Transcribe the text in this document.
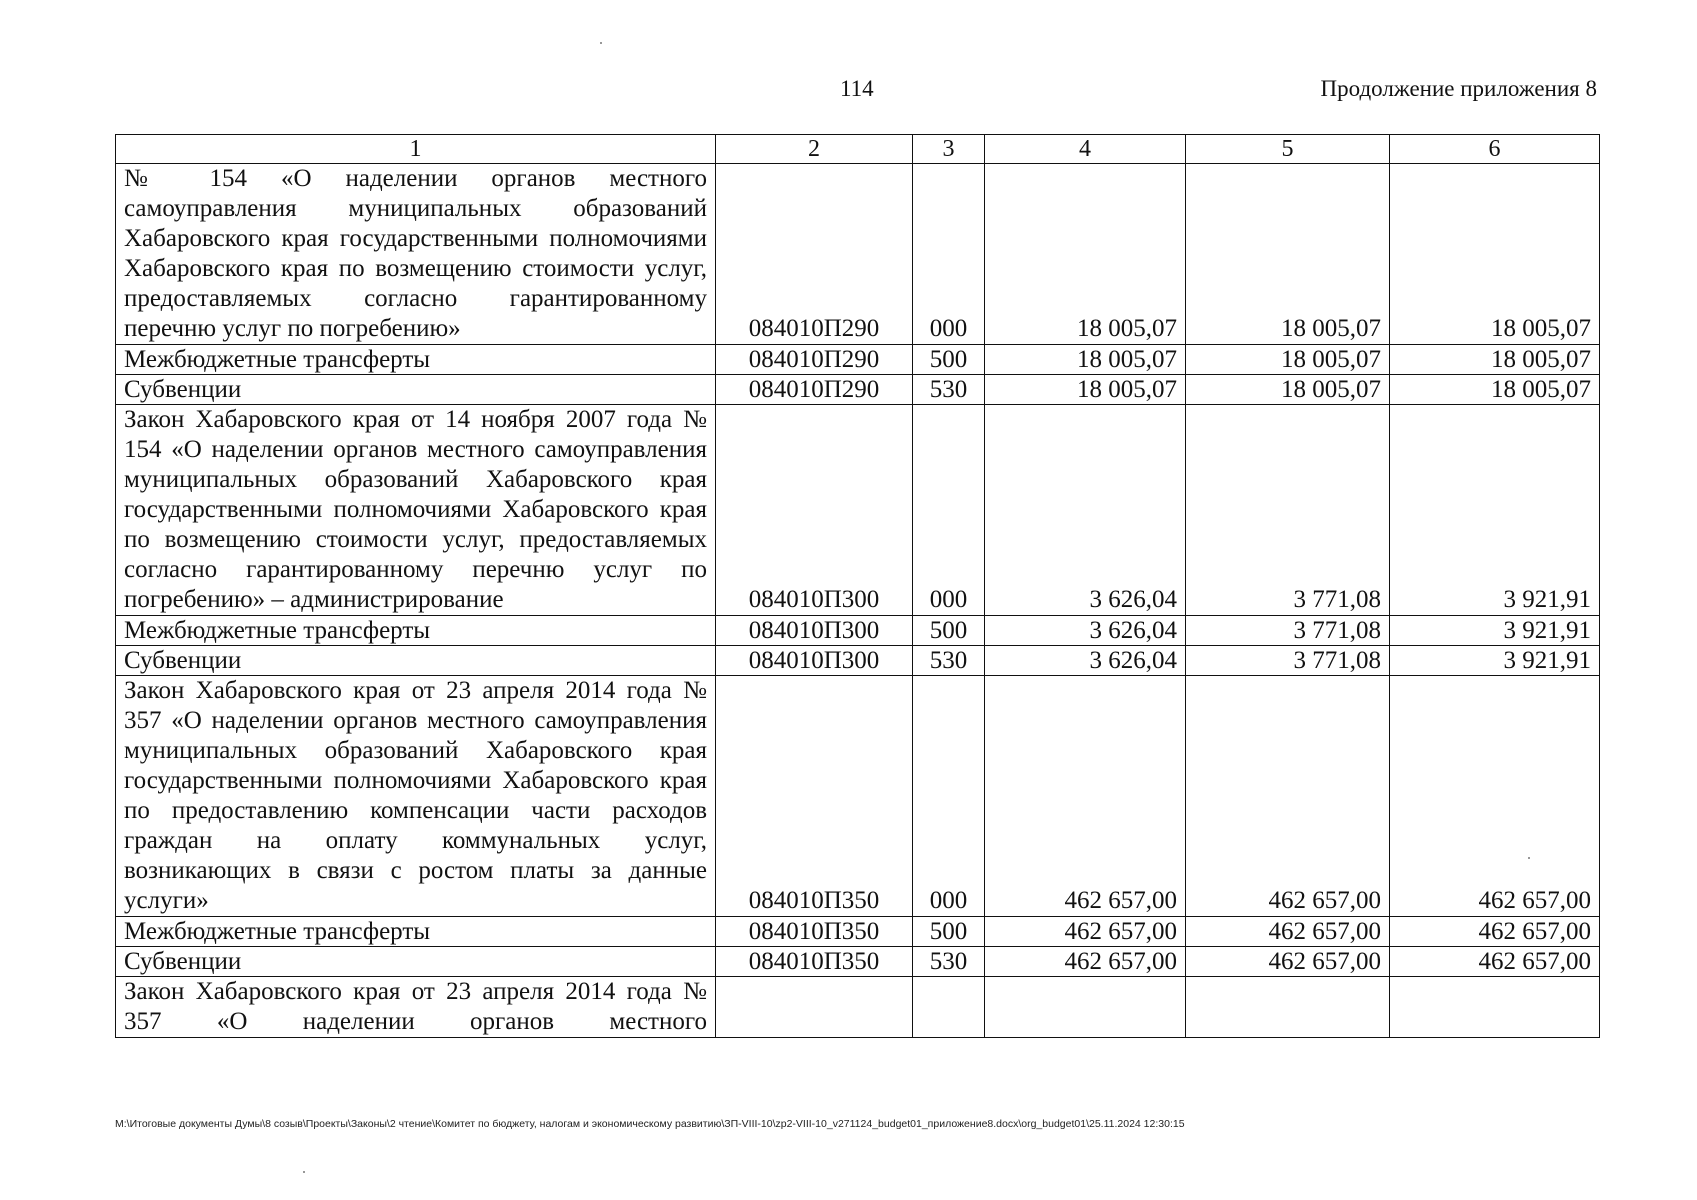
114	Продолжение приложения 8
1	2	3	4	5	6
№ 154 «О наделении органов местного самоуправления муниципальных образований Хабаровского края государственными полномочиями Хабаровского края по возмещению стоимости услуг, предоставляемых согласно гарантированному перечню услуг по погребению»	084010П290	000	18 005,07	18 005,07	18 005,07
Межбюджетные трансферты	084010П290	500	18 005,07	18 005,07	18 005,07
Субвенции	084010П290	530	18 005,07	18 005,07	18 005,07
Закон Хабаровского края от 14 ноября 2007 года № 154 «О наделении органов местного самоуправления муниципальных образований Хабаровского края государственными полномочиями Хабаровского края по возмещению стоимости услуг, предоставляемых согласно гарантированному перечню услуг по погребению» – администрирование	084010П300	000	3 626,04	3 771,08	3 921,91
Межбюджетные трансферты	084010П300	500	3 626,04	3 771,08	3 921,91
Субвенции	084010П300	530	3 626,04	3 771,08	3 921,91
Закон Хабаровского края от 23 апреля 2014 года № 357 «О наделении органов местного самоуправления муниципальных образований Хабаровского края государственными полномочиями Хабаровского края по предоставлению компенсации части расходов граждан на оплату коммунальных услуг, возникающих в связи с ростом платы за данные услуги»	084010П350	000	462 657,00	462 657,00	462 657,00
Межбюджетные трансферты	084010П350	500	462 657,00	462 657,00	462 657,00
Субвенции	084010П350	530	462 657,00	462 657,00	462 657,00
Закон Хабаровского края от 23 апреля 2014 года № 357 «О наделении органов местного					
M:\Итоговые документы Думы\8 созыв\Проекты\Законы\2 чтение\Комитет по бюджету, налогам и экономическому развитию\ЗП-VIII-10\zp2-VIII-10_v271124_budget01_приложение8.docx\org_budget01\25.11.2024 12:30:15
